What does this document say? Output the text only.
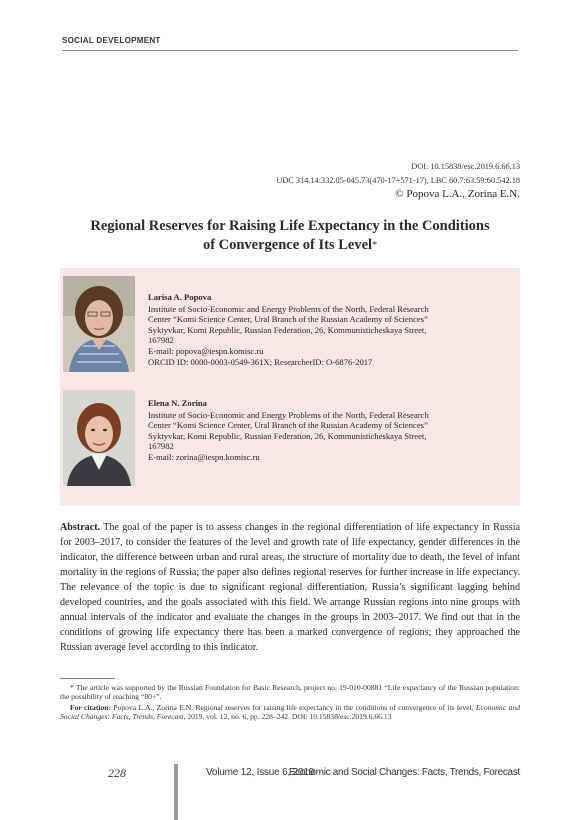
SOCIAL DEVELOPMENT
DOI: 10.15838/esc.2019.6.66.13
UDC 314.14:332.05-045.73(470-17+571-17), LBC 60.7:63.59:60.542.18
© Popova L.A., Zorina E.N.
Regional Reserves for Raising Life Expectancy in the Conditions
of Convergence of Its Level*
Larisa A. Popova
Institute of Socio-Economic and Energy Problems of the North, Federal Research
Center “Komi Science Center, Ural Branch of the Russian Academy of Sciences”
Syktyvkar, Komi Republic, Russian Federation, 26, Kommunisticheskaya Street,
167982
E-mail: popova@iespn.komisc.ru
ORCID ID: 0000-0003-0549-361X; ResearcherID: O-6876-2017
Elena N. Zorina
Institute of Socio-Economic and Energy Problems of the North, Federal Research
Center “Komi Science Center, Ural Branch of the Russian Academy of Sciences”
Syktyvkar, Komi Republic, Russian Federation, 26, Kommunisticheskaya Street,
167982
E-mail: zorina@iespn.komisc.ru
Abstract. The goal of the paper is to assess changes in the regional differentiation of life expectancy in Russia for 2003–2017, to consider the features of the level and growth rate of life expectancy, gender differences in the indicator, the difference between urban and rural areas, the structure of mortality due to death, the level of infant mortality in the regions of Russia; the paper also defines regional reserves for further increase in life expectancy. The relevance of the topic is due to significant regional differentiation, Russia’s significant lagging behind developed countries, and the goals associated with this field. We arrange Russian regions into nine groups with annual intervals of the indicator and evaluate the changes in the groups in 2003–2017. We find out that in the conditions of growing life expectancy there has been a marked convergence of regions; they approached the Russian average level according to this indicator.
* The article was supported by the Russian Foundation for Basic Research, project no. 19-010-00881 “Life expectancy of the Russian population: the possibility of reaching “80+”.
For citation: Popova L.A., Zorina E.N. Regional reserves for raising life expectancy in the conditions of convergence of its level. Economic and Social Changes: Facts, Trends, Forecast, 2019, vol. 12, no. 6, pp. 228–242. DOI: 10.15838/esc.2019.6.66.13
228	Volume 12, Issue 6, 2019
Economic and Social Changes: Facts, Trends, Forecast
